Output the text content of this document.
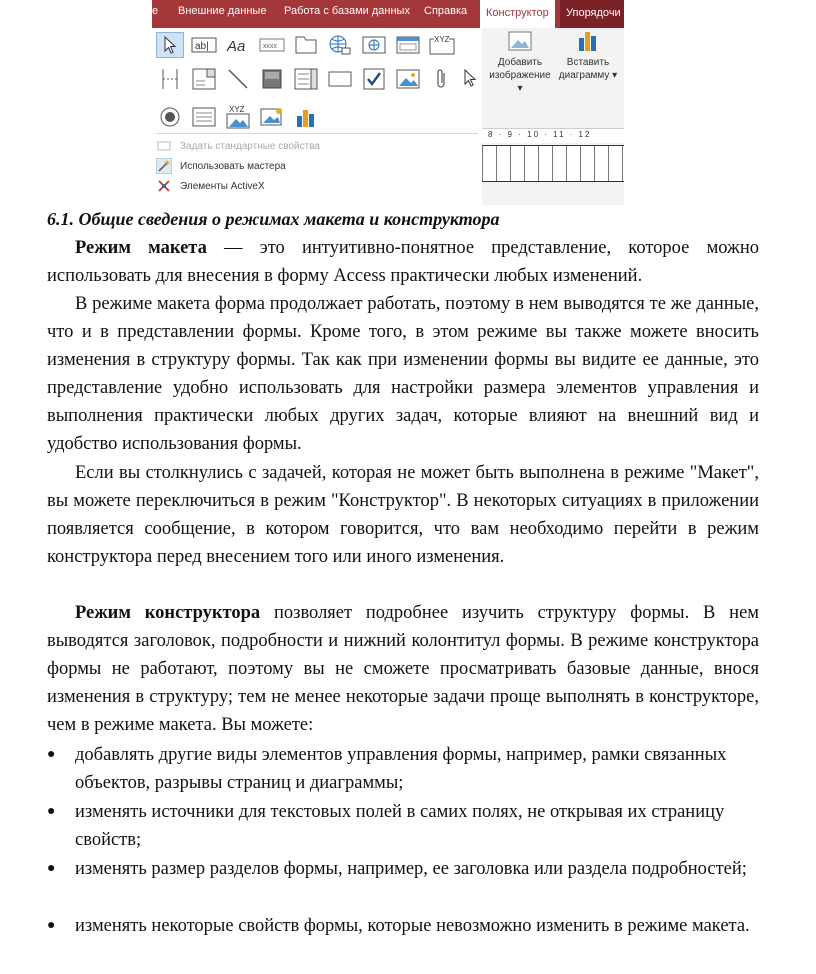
е Внешние данные Работа с базами данных Справка	Конструктор	Упорядочи
ab| Aa	xxxx
XYZ
XYZ
Задать стандартные свойства
Использовать мастера
Элементы ActiveX
Добавить изображение ▾
Вставить диаграмму ▾
8 · 9 · 10 · 11 · 12
6.1. Общие сведения о режимах макета и конструктора
Режим макета — это интуитивно-понятное представление, которое можно использовать для внесения в форму Access практически любых изменений.
В режиме макета форма продолжает работать, поэтому в нем выводятся те же данные, что и в представлении формы. Кроме того, в этом режиме вы также можете вносить изменения в структуру формы. Так как при изменении формы вы видите ее данные, это представление удобно использовать для настройки размера элементов управления и выполнения практически любых других задач, которые влияют на внешний вид и удобство использования формы.
Если вы столкнулись с задачей, которая не может быть выполнена в режиме "Макет", вы можете переключиться в режим "Конструктор". В некоторых ситуациях в приложении появляется сообщение, в котором говорится, что вам необходимо перейти в режим конструктора перед внесением того или иного изменения.
Режим конструктора позволяет подробнее изучить структуру формы. В нем выводятся заголовок, подробности и нижний колонтитул формы. В режиме конструктора формы не работают, поэтому вы не сможете просматривать базовые данные, внося изменения в структуру; тем не менее некоторые задачи проще выполнять в конструкторе, чем в режиме макета. Вы можете:
●	добавлять другие виды элементов управления формы, например, рамки связанных объектов, разрывы страниц и диаграммы;
●	изменять источники для текстовых полей в самих полях, не открывая их страницу свойств;
●	изменять размер разделов формы, например, ее заголовка или раздела подробностей;
●	изменять некоторые свойств формы, которые невозможно изменить в режиме макета.
